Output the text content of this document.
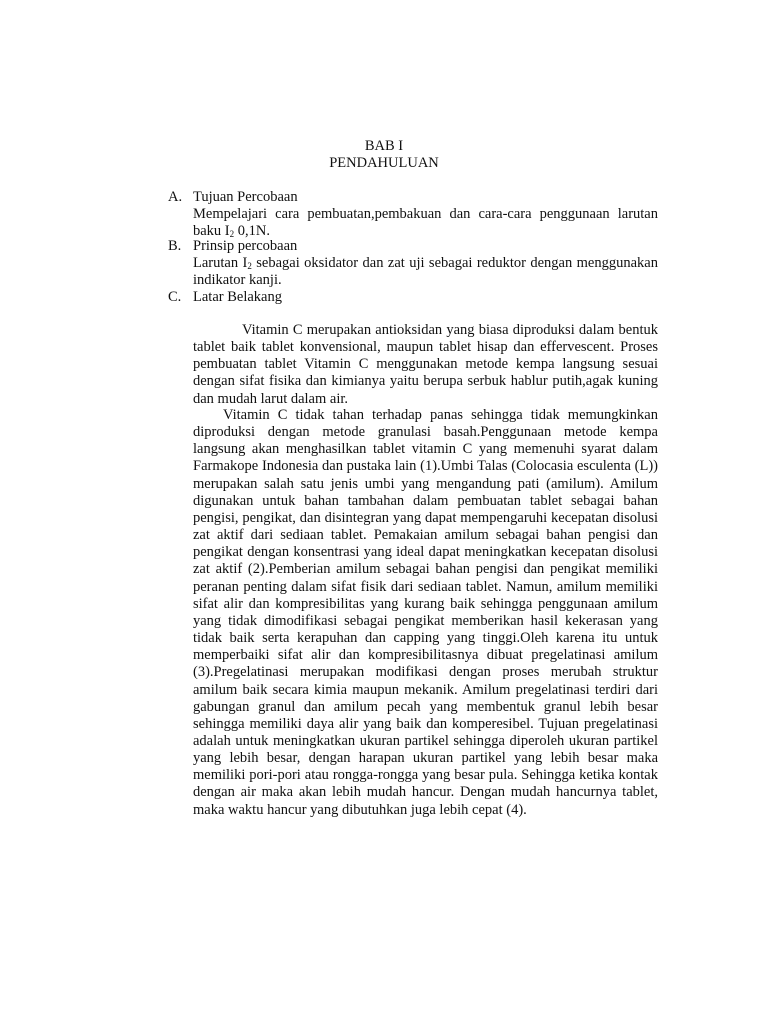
BAB I
PENDAHULUAN
A. Tujuan Percobaan
Mempelajari cara pembuatan,pembakuan dan cara-cara penggunaan larutan baku $I_2$ 0,1N.
B. Prinsip percobaan
Larutan $I_2$ sebagai oksidator dan zat uji sebagai reduktor dengan menggunakan indikator kanji.
C. Latar Belakang
Vitamin C merupakan antioksidan yang biasa diproduksi dalam bentuk tablet baik tablet konvensional, maupun tablet hisap dan effervescent. Proses pembuatan tablet Vitamin C menggunakan metode kempa langsung sesuai dengan sifat fisika dan kimianya yaitu berupa serbuk hablur putih,agak kuning dan mudah larut dalam air.
Vitamin C tidak tahan terhadap panas sehingga tidak memungkinkan diproduksi dengan metode granulasi basah.Penggunaan metode kempa langsung akan menghasilkan tablet vitamin C yang memenuhi syarat dalam Farmakope Indonesia dan pustaka lain (1).Umbi Talas (Colocasia esculenta (L)) merupakan salah satu jenis umbi yang mengandung pati (amilum). Amilum digunakan untuk bahan tambahan dalam pembuatan tablet sebagai bahan pengisi, pengikat, dan disintegran yang dapat mempengaruhi kecepatan disolusi zat aktif dari sediaan tablet. Pemakaian amilum sebagai bahan pengisi dan pengikat dengan konsentrasi yang ideal dapat meningkatkan kecepatan disolusi zat aktif (2).Pemberian amilum sebagai bahan pengisi dan pengikat memiliki peranan penting dalam sifat fisik dari sediaan tablet. Namun, amilum memiliki sifat alir dan kompresibilitas yang kurang baik sehingga penggunaan amilum yang tidak dimodifikasi sebagai pengikat memberikan hasil kekerasan yang tidak baik serta kerapuhan dan capping yang tinggi.Oleh karena itu untuk memperbaiki sifat alir dan kompresibilitasnya dibuat pregelatinasi amilum (3).Pregelatinasi merupakan modifikasi dengan proses merubah struktur amilum baik secara kimia maupun mekanik. Amilum pregelatinasi terdiri dari gabungan granul dan amilum pecah yang membentuk granul lebih besar sehingga memiliki daya alir yang baik dan komperesibel. Tujuan pregelatinasi adalah untuk meningkatkan ukuran partikel sehingga diperoleh ukuran partikel yang lebih besar, dengan harapan ukuran partikel yang lebih besar maka memiliki pori-pori atau rongga-rongga yang besar pula. Sehingga ketika kontak dengan air maka akan lebih mudah hancur. Dengan mudah hancurnya tablet, maka waktu hancur yang dibutuhkan juga lebih cepat (4).
